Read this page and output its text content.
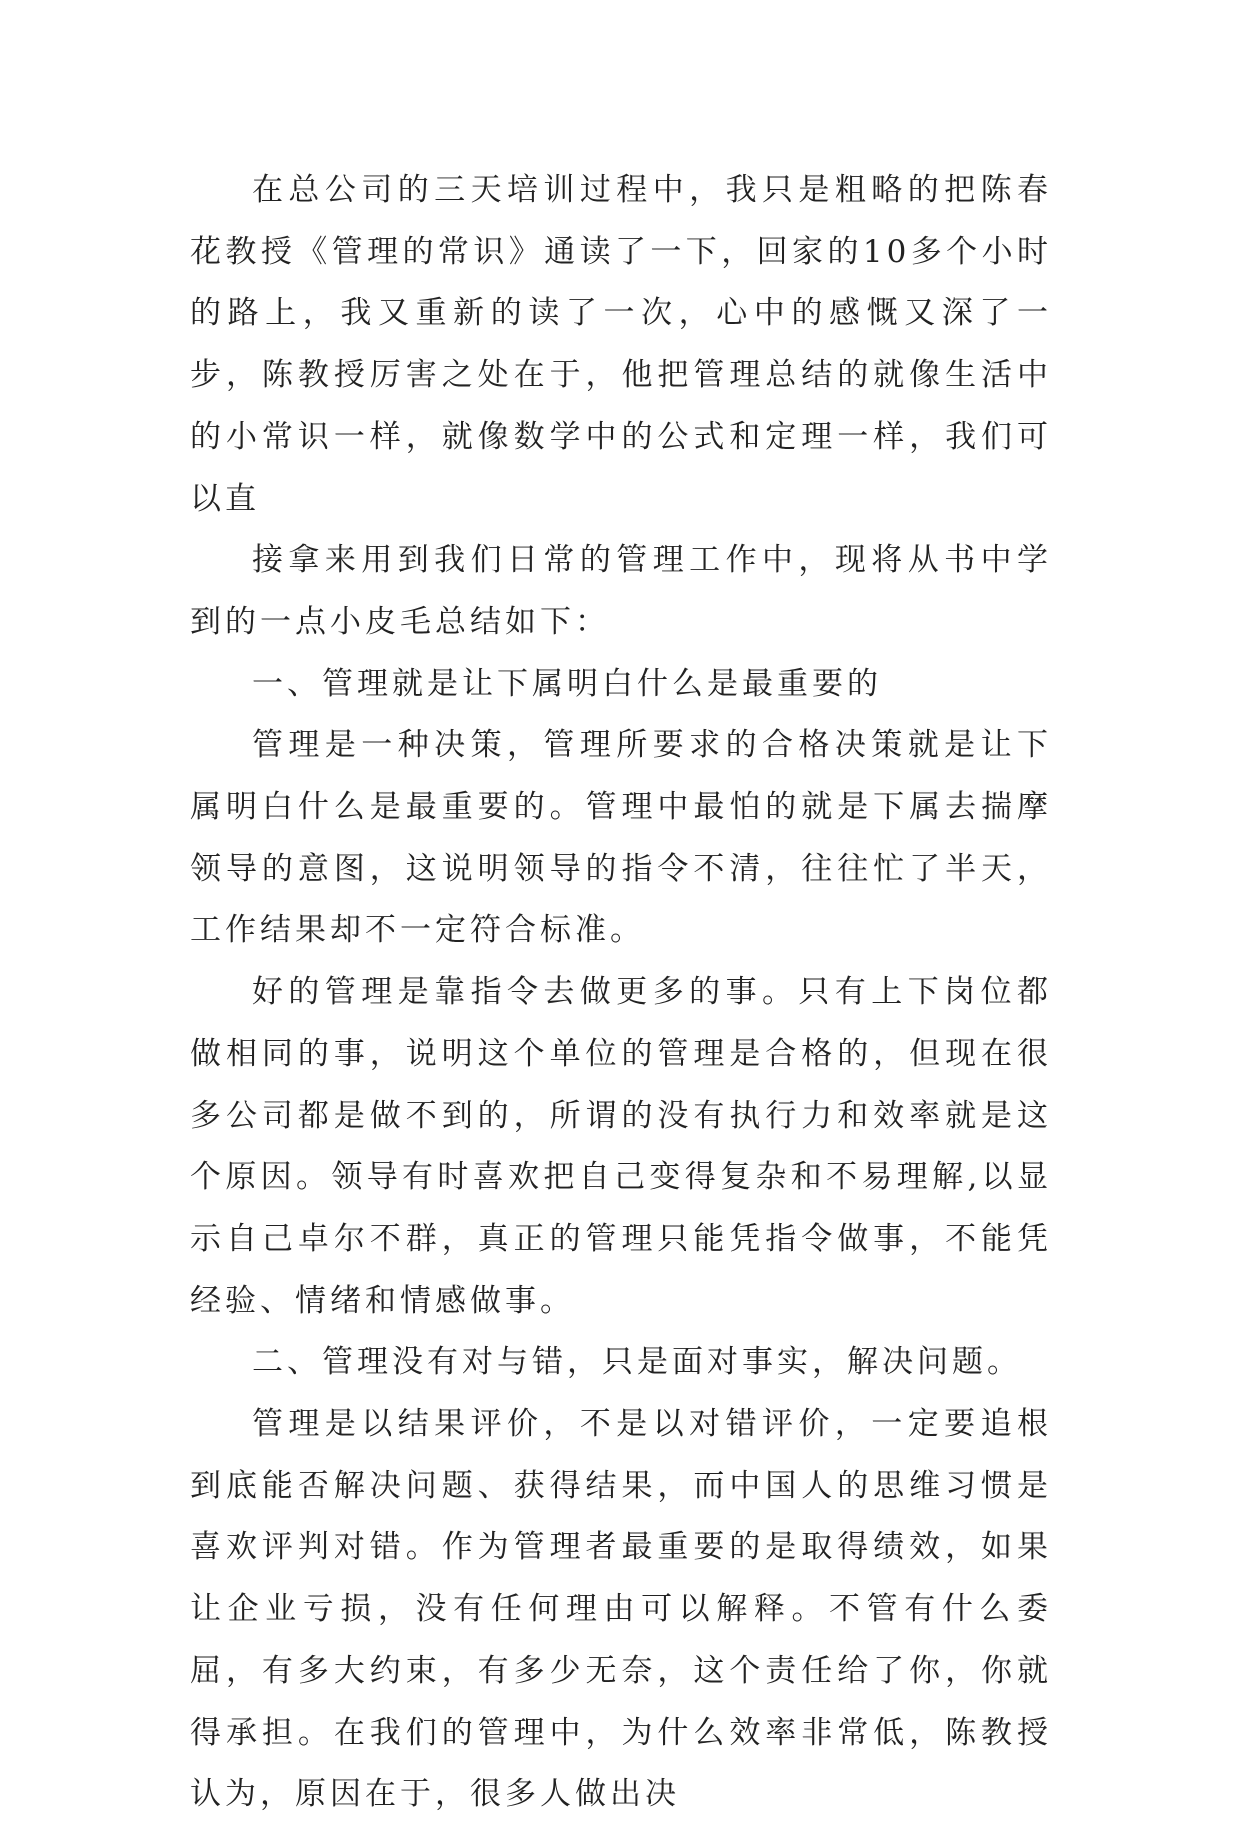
在总公司的三天培训过程中，我只是粗略的把陈春花教授《管理的常识》通读了一下，回家的10多个小时的路上，我又重新的读了一次，心中的感慨又深了一步，陈教授厉害之处在于，他把管理总结的就像生活中的小常识一样，就像数学中的公式和定理一样，我们可以直

接拿来用到我们日常的管理工作中，现将从书中学到的一点小皮毛总结如下：

一、管理就是让下属明白什么是最重要的

管理是一种决策，管理所要求的合格决策就是让下属明白什么是最重要的。管理中最怕的就是下属去揣摩领导的意图，这说明领导的指令不清，往往忙了半天，工作结果却不一定符合标准。

好的管理是靠指令去做更多的事。只有上下岗位都做相同的事，说明这个单位的管理是合格的，但现在很多公司都是做不到的，所谓的没有执行力和效率就是这个原因。领导有时喜欢把自己变得复杂和不易理解,以显示自己卓尔不群，真正的管理只能凭指令做事，不能凭经验、情绪和情感做事。

二、管理没有对与错，只是面对事实，解决问题。

管理是以结果评价，不是以对错评价，一定要追根到底能否解决问题、获得结果，而中国人的思维习惯是喜欢评判对错。作为管理者最重要的是取得绩效，如果让企业亏损，没有任何理由可以解释。不管有什么委屈，有多大约束，有多少无奈，这个责任给了你，你就得承担。在我们的管理中，为什么效率非常低，陈教授认为，原因在于，很多人做出决
